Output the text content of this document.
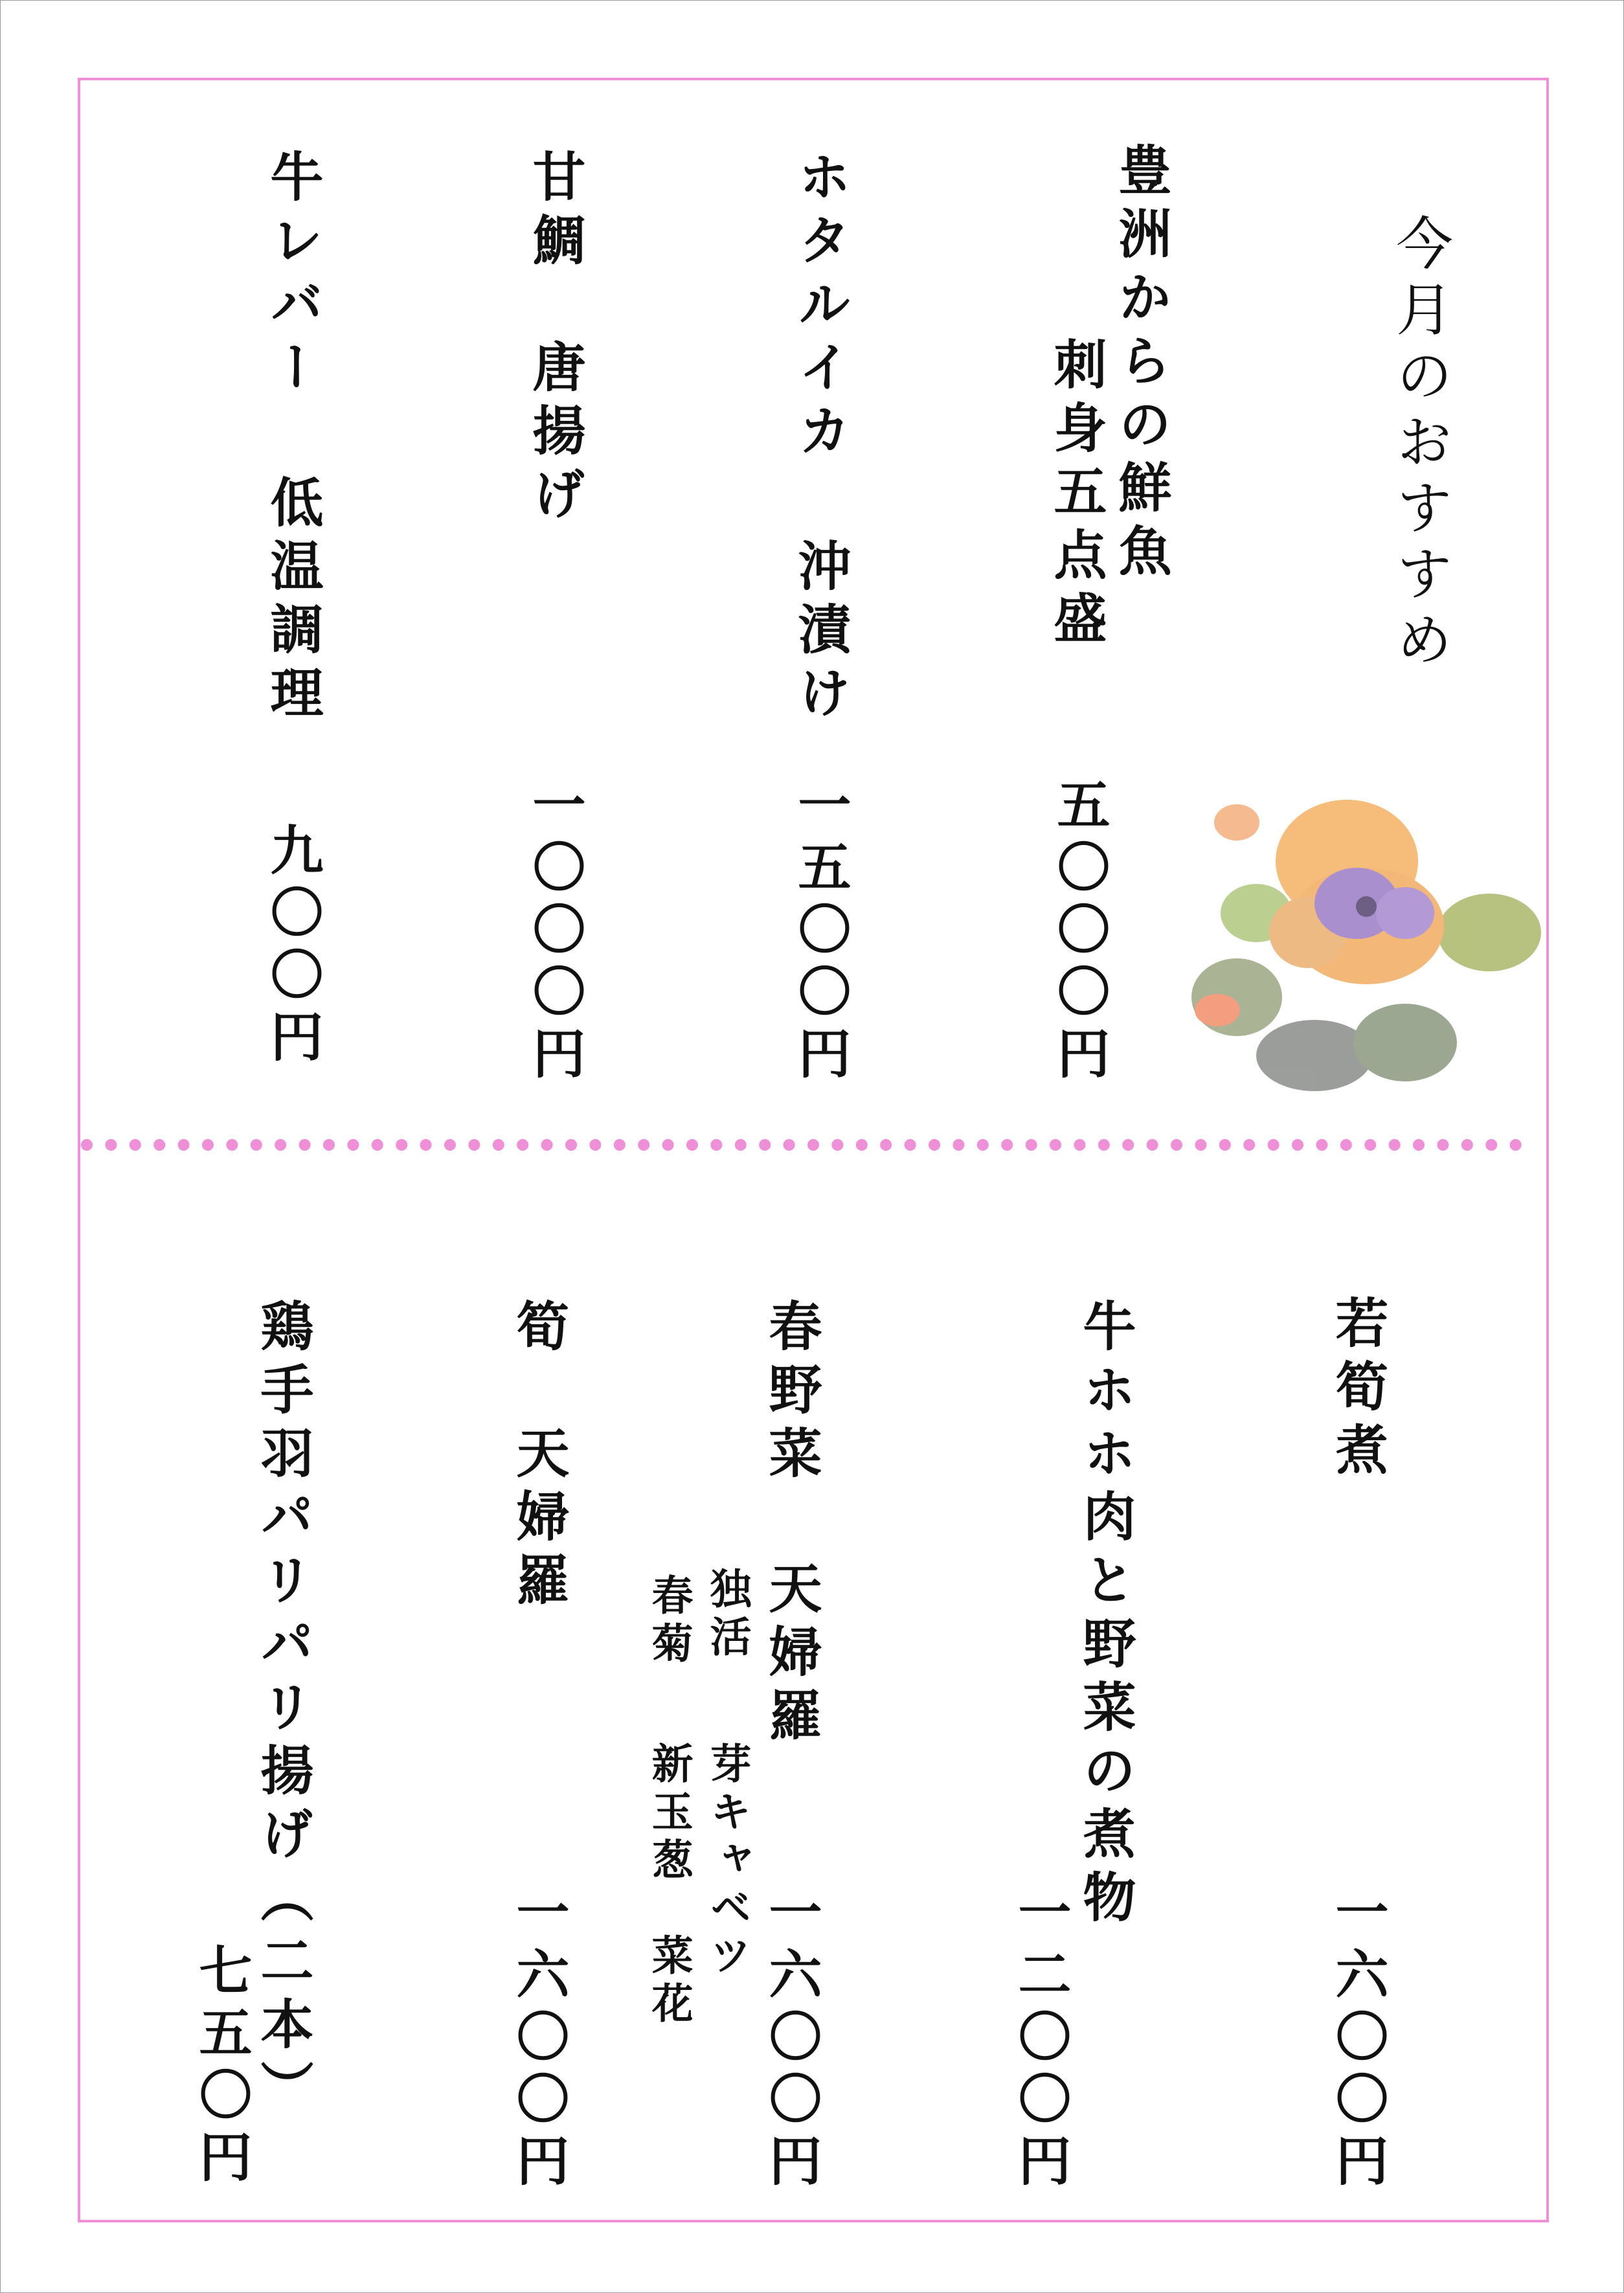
今月のおすすめ
豊洲からの鮮魚
刺身五点盛
五〇〇〇円
ホタルイカ 沖漬け
一五〇〇円
甘鯛　唐揚げ
一〇〇〇円
牛レバー 低温調理
九〇〇円
若筍煮
一六〇〇円
牛ホホ肉と野菜の煮物
一二〇〇円
春野菜 天婦羅
独活
春菊
芽キャベツ
新玉葱　菜花 一六〇〇円
筍　天婦羅
一六〇〇円
鶏手羽パリパリ揚げ（二本）
七五〇円
